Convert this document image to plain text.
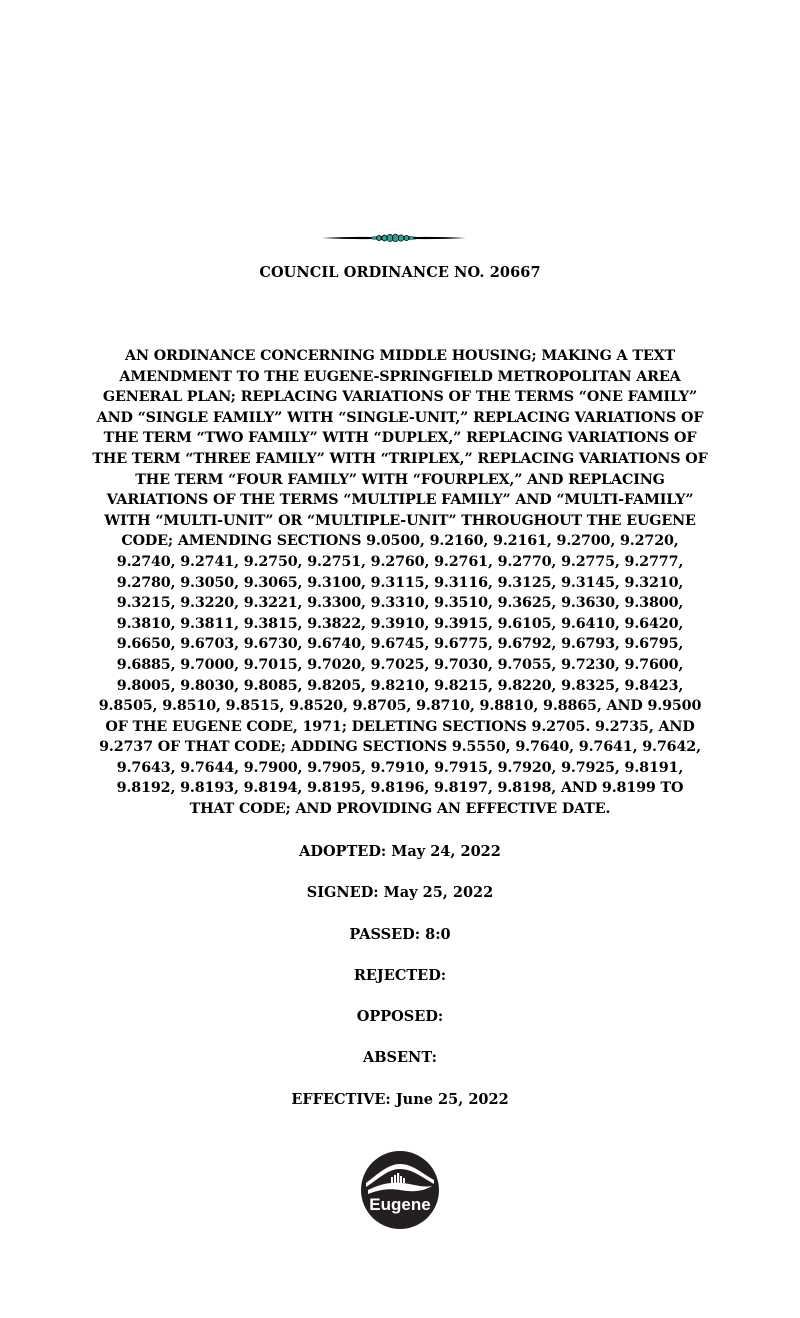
COUNCIL ORDINANCE NO. 20667

AN ORDINANCE CONCERNING MIDDLE HOUSING; MAKING A TEXT
AMENDMENT TO THE EUGENE-SPRINGFIELD METROPOLITAN AREA
GENERAL PLAN; REPLACING VARIATIONS OF THE TERMS “ONE FAMILY”
AND “SINGLE FAMILY” WITH “SINGLE-UNIT,” REPLACING VARIATIONS OF
THE TERM “TWO FAMILY” WITH “DUPLEX,” REPLACING VARIATIONS OF
THE TERM “THREE FAMILY” WITH “TRIPLEX,” REPLACING VARIATIONS OF
THE TERM “FOUR FAMILY” WITH “FOURPLEX,” AND REPLACING
VARIATIONS OF THE TERMS “MULTIPLE FAMILY” AND “MULTI-FAMILY”
WITH “MULTI-UNIT” OR “MULTIPLE-UNIT” THROUGHOUT THE EUGENE
CODE; AMENDING SECTIONS 9.0500, 9.2160, 9.2161, 9.2700, 9.2720,
9.2740, 9.2741, 9.2750, 9.2751, 9.2760, 9.2761, 9.2770, 9.2775, 9.2777,
9.2780, 9.3050, 9.3065, 9.3100, 9.3115, 9.3116, 9.3125, 9.3145, 9.3210,
9.3215, 9.3220, 9.3221, 9.3300, 9.3310, 9.3510, 9.3625, 9.3630, 9.3800,
9.3810, 9.3811, 9.3815, 9.3822, 9.3910, 9.3915, 9.6105, 9.6410, 9.6420,
9.6650, 9.6703, 9.6730, 9.6740, 9.6745, 9.6775, 9.6792, 9.6793, 9.6795,
9.6885, 9.7000, 9.7015, 9.7020, 9.7025, 9.7030, 9.7055, 9.7230, 9.7600,
9.8005, 9.8030, 9.8085, 9.8205, 9.8210, 9.8215, 9.8220, 9.8325, 9.8423,
9.8505, 9.8510, 9.8515, 9.8520, 9.8705, 9.8710, 9.8810, 9.8865, AND 9.9500
OF THE EUGENE CODE, 1971; DELETING SECTIONS 9.2705. 9.2735, AND
9.2737 OF THAT CODE; ADDING SECTIONS 9.5550, 9.7640, 9.7641, 9.7642,
9.7643, 9.7644, 9.7900, 9.7905, 9.7910, 9.7915, 9.7920, 9.7925, 9.8191,
9.8192, 9.8193, 9.8194, 9.8195, 9.8196, 9.8197, 9.8198, AND 9.8199 TO
THAT CODE; AND PROVIDING AN EFFECTIVE DATE.

ADOPTED: May 24, 2022
SIGNED: May 25, 2022
PASSED: 8:0
REJECTED:
OPPOSED:
ABSENT:
EFFECTIVE: June 25, 2022
Eugene
